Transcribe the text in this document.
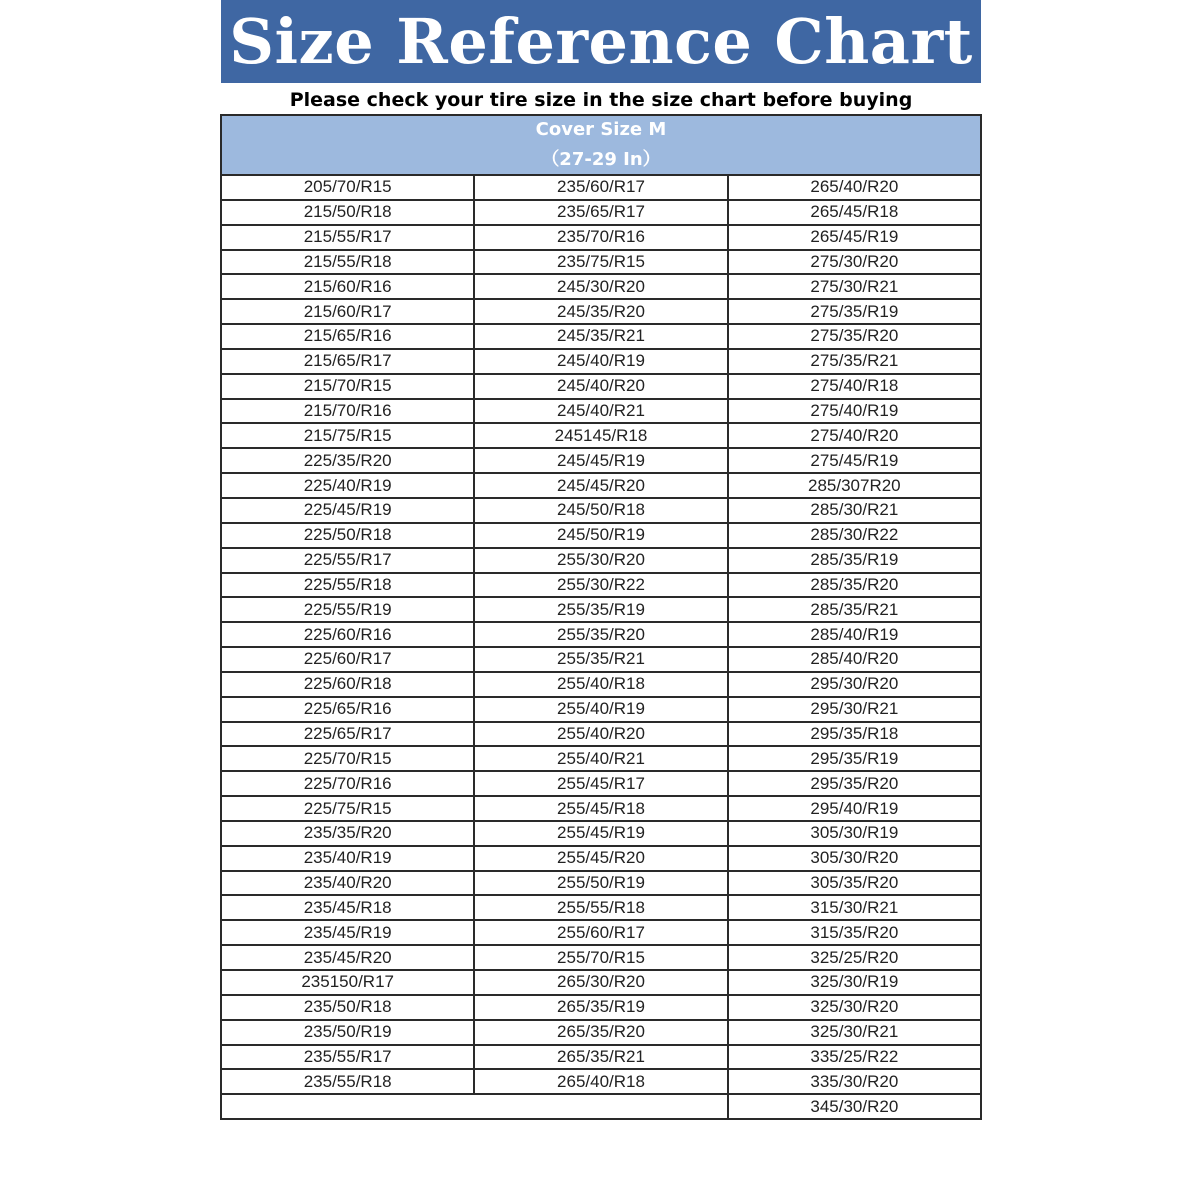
Size Reference Chart
Please check your tire size in the size chart before buying
Cover Size M
（27-29 In）
205/70/R15	235/60/R17	265/40/R20
215/50/R18	235/65/R17	265/45/R18
215/55/R17	235/70/R16	265/45/R19
215/55/R18	235/75/R15	275/30/R20
215/60/R16	245/30/R20	275/30/R21
215/60/R17	245/35/R20	275/35/R19
215/65/R16	245/35/R21	275/35/R20
215/65/R17	245/40/R19	275/35/R21
215/70/R15	245/40/R20	275/40/R18
215/70/R16	245/40/R21	275/40/R19
215/75/R15	245145/R18	275/40/R20
225/35/R20	245/45/R19	275/45/R19
225/40/R19	245/45/R20	285/307R20
225/45/R19	245/50/R18	285/30/R21
225/50/R18	245/50/R19	285/30/R22
225/55/R17	255/30/R20	285/35/R19
225/55/R18	255/30/R22	285/35/R20
225/55/R19	255/35/R19	285/35/R21
225/60/R16	255/35/R20	285/40/R19
225/60/R17	255/35/R21	285/40/R20
225/60/R18	255/40/R18	295/30/R20
225/65/R16	255/40/R19	295/30/R21
225/65/R17	255/40/R20	295/35/R18
225/70/R15	255/40/R21	295/35/R19
225/70/R16	255/45/R17	295/35/R20
225/75/R15	255/45/R18	295/40/R19
235/35/R20	255/45/R19	305/30/R19
235/40/R19	255/45/R20	305/30/R20
235/40/R20	255/50/R19	305/35/R20
235/45/R18	255/55/R18	315/30/R21
235/45/R19	255/60/R17	315/35/R20
235/45/R20	255/70/R15	325/25/R20
235150/R17	265/30/R20	325/30/R19
235/50/R18	265/35/R19	325/30/R20
235/50/R19	265/35/R20	325/30/R21
235/55/R17	265/35/R21	335/25/R22
235/55/R18	265/40/R18	335/30/R20
		345/30/R20
